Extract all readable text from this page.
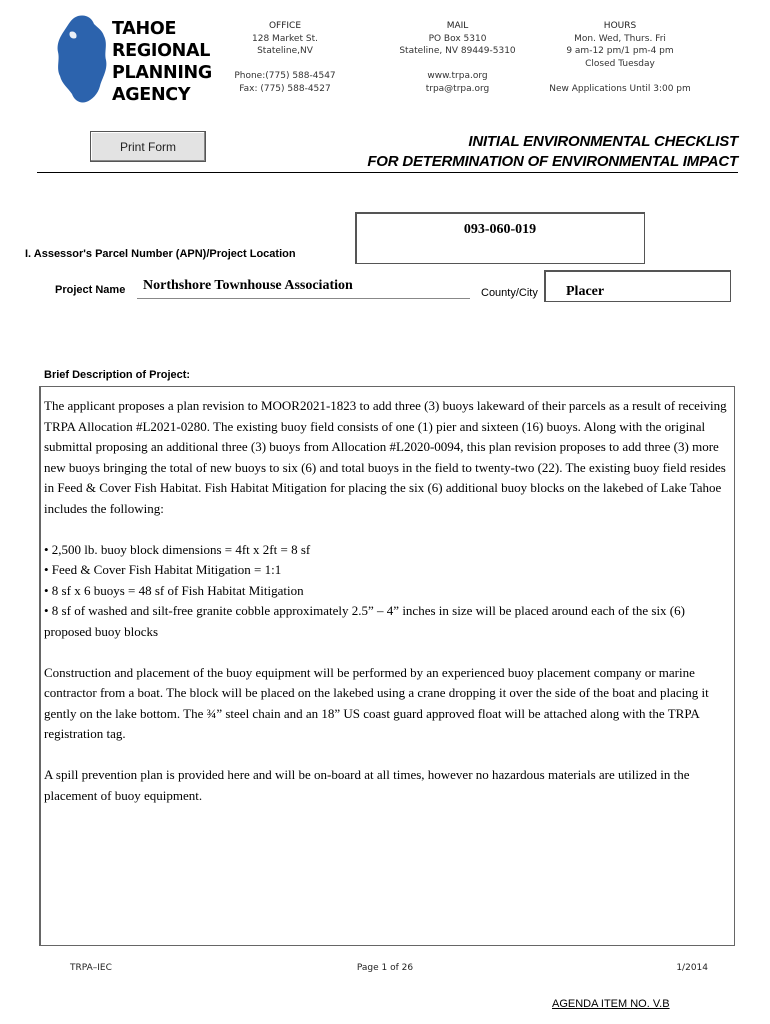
TAHOE
REGIONAL
PLANNING
AGENCY
OFFICE
128 Market St.
Stateline,NV
Phone:(775) 588-4547
Fax: (775) 588-4527
MAIL
PO Box 5310
Stateline, NV 89449-5310
www.trpa.org
trpa@trpa.org
HOURS
Mon. Wed, Thurs. Fri
9 am-12 pm/1 pm-4 pm
Closed Tuesday
New Applications Until 3:00 pm
Print Form	INITIAL ENVIRONMENTAL CHECKLIST
FOR DETERMINATION OF ENVIRONMENTAL IMPACT
093-060-019
I. Assessor's Parcel Number (APN)/Project Location
Project Name Northshore Townhouse Association	County/City Placer
Brief Description of Project:

The applicant proposes a plan revision to MOOR2021-1823 to add three (3) buoys lakeward of their parcels as a result of receiving TRPA Allocation #L2021-0280. The existing buoy field consists of one (1) pier and sixteen (16) buoys. Along with the original submittal proposing an additional three (3) buoys from Allocation #L2020-0094, this plan revision proposes to add three (3) more new buoys bringing the total of new buoys to six (6) and total buoys in the field to twenty-two (22). The existing buoy field resides in Feed & Cover Fish Habitat. Fish Habitat Mitigation for placing the six (6) additional buoy blocks on the lakebed of Lake Tahoe includes the following:

• 2,500 lb. buoy block dimensions = 4ft x 2ft = 8 sf

• Feed & Cover Fish Habitat Mitigation = 1:1

• 8 sf x 6 buoys = 48 sf of Fish Habitat Mitigation

• 8 sf of washed and silt-free granite cobble approximately 2.5” – 4” inches in size will be placed around each of the six (6) proposed buoy blocks

Construction and placement of the buoy equipment will be performed by an experienced buoy placement company or marine contractor from a boat. The block will be placed on the lakebed using a crane dropping it over the side of the boat and placing it gently on the lake bottom. The ¾” steel chain and an 18” US coast guard approved float will be attached along with the TRPA registration tag.

A spill prevention plan is provided here and will be on-board at all times, however no hazardous materials are utilized in the placement of buoy equipment.

TRPA–IEC	Page 1 of 26	1/2014
AGENDA ITEM NO. V.B
